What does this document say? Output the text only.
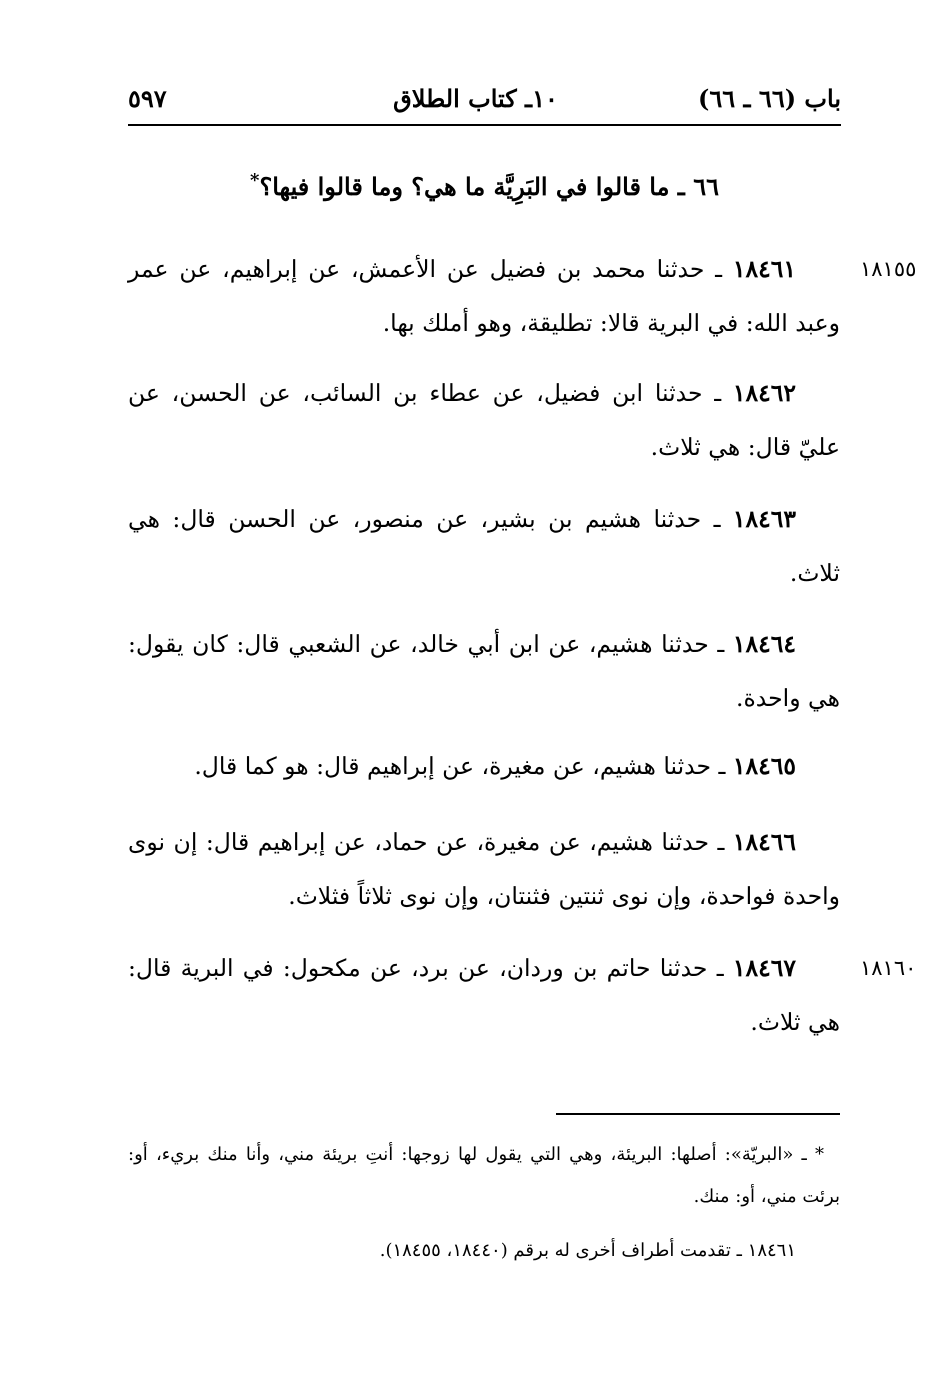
باب (٦٦ ـ ٦٦)
١٠ـ كتاب الطلاق
٥٩٧
٦٦ ـ ما قالوا في البَرِيَّة ما هي؟ وما قالوا فيها؟*
١٨١٥٥
١٨٤٦١ ـ حدثنا محمد بن فضيل عن الأعمش، عن إبراهيم، عن عمر وعبد الله: في البرية قالا: تطليقة، وهو أملك بها.
١٨٤٦٢ ـ حدثنا ابن فضيل، عن عطاء بن السائب، عن الحسن، عن عليّ قال: هي ثلاث.
١٨٤٦٣ ـ حدثنا هشيم بن بشير، عن منصور، عن الحسن قال: هي ثلاث.
١٨٤٦٤ ـ حدثنا هشيم، عن ابن أبي خالد، عن الشعبي قال: كان يقول: هي واحدة.
١٨٤٦٥ ـ حدثنا هشيم، عن مغيرة، عن إبراهيم قال: هو كما قال.
١٨٤٦٦ ـ حدثنا هشيم، عن مغيرة، عن حماد، عن إبراهيم قال: إن نوى واحدة فواحدة، وإن نوى ثنتين فثنتان، وإن نوى ثلاثاً فثلاث.
١٨١٦٠
١٨٤٦٧ ـ حدثنا حاتم بن وردان، عن برد، عن مكحول: في البرية قال: هي ثلاث.
* ـ «البريّة»: أصلها: البريئة، وهي التي يقول لها زوجها: أنتِ بريئة مني، وأنا منك بريء، أو: برئت مني، أو: منك.
١٨٤٦١ ـ تقدمت أطراف أخرى له برقم (١٨٤٤٠، ١٨٤٥٥).
